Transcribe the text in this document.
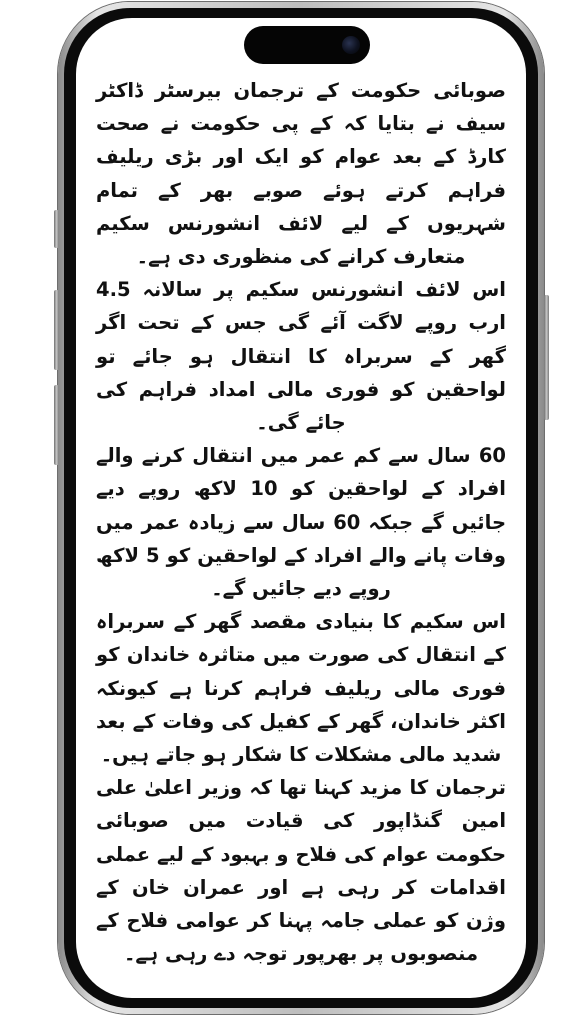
صوبائی حکومت کے ترجمان بیرسٹر ڈاکٹر سیف نے بتایا کہ کے پی حکومت نے صحت کارڈ کے بعد عوام کو ایک اور بڑی ریلیف فراہم کرتے ہوئے صوبے بھر کے تمام شہریوں کے لیے لائف انشورنس سکیم متعارف کرانے کی منظوری دی ہے۔

اس لائف انشورنس سکیم پر سالانہ 4.5 ارب روپے لاگت آئے گی جس کے تحت اگر گھر کے سربراہ کا انتقال ہو جائے تو لواحقین کو فوری مالی امداد فراہم کی جائے گی۔

60 سال سے کم عمر میں انتقال کرنے والے افراد کے لواحقین کو 10 لاکھ روپے دیے جائیں گے جبکہ 60 سال سے زیادہ عمر میں وفات پانے والے افراد کے لواحقین کو 5 لاکھ روپے دیے جائیں گے۔

اس سکیم کا بنیادی مقصد گھر کے سربراہ کے انتقال کی صورت میں متاثرہ خاندان کو فوری مالی ریلیف فراہم کرنا ہے کیونکہ اکثر خاندان، گھر کے کفیل کی وفات کے بعد شدید مالی مشکلات کا شکار ہو جاتے ہیں۔

ترجمان کا مزید کہنا تھا کہ وزیر اعلیٰ علی امین گنڈاپور کی قیادت میں صوبائی حکومت عوام کی فلاح و بہبود کے لیے عملی اقدامات کر رہی ہے اور عمران خان کے وژن کو عملی جامہ پہنا کر عوامی فلاح کے منصوبوں پر بھرپور توجہ دے رہی ہے۔
